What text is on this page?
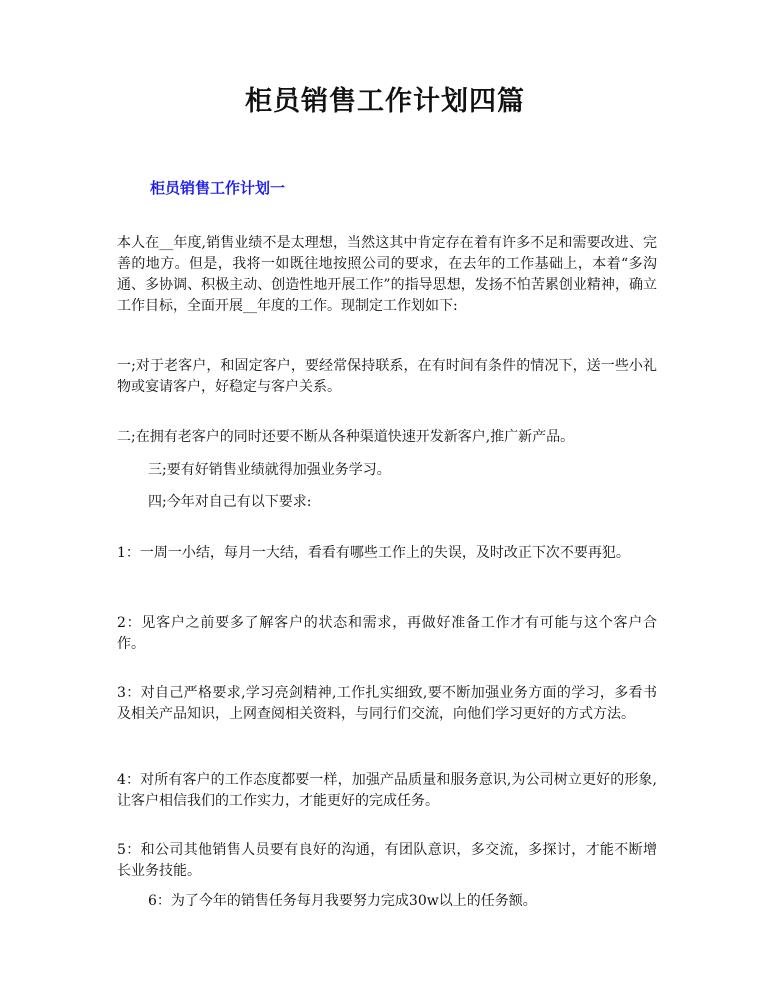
柜员销售工作计划四篇
柜员销售工作计划一

本人在__年度,销售业绩不是太理想，当然这其中肯定存在着有许多不足和需要改进、完善的地方。但是，我将一如既往地按照公司的要求，在去年的工作基础上，本着“多沟通、多协调、积极主动、创造性地开展工作”的指导思想，发扬不怕苦累创业精神，确立工作目标，全面开展__年度的工作。现制定工作划如下:

一;对于老客户，和固定客户，要经常保持联系，在有时间有条件的情况下，送一些小礼物或宴请客户，好稳定与客户关系。

二;在拥有老客户的同时还要不断从各种渠道快速开发新客户,推广新产品。

三;要有好销售业绩就得加强业务学习。

四;今年对自己有以下要求:

1：一周一小结，每月一大结，看看有哪些工作上的失误，及时改正下次不要再犯。

2：见客户之前要多了解客户的状态和需求，再做好准备工作才有可能与这个客户合作。

3：对自己严格要求,学习亮剑精神,工作扎实细致,要不断加强业务方面的学习，多看书及相关产品知识，上网查阅相关资料，与同行们交流，向他们学习更好的方式方法。

4：对所有客户的工作态度都要一样，加强产品质量和服务意识,为公司树立更好的形象,让客户相信我们的工作实力，才能更好的完成任务。

5：和公司其他销售人员要有良好的沟通，有团队意识，多交流，多探讨，才能不断增长业务技能。

6：为了今年的销售任务每月我要努力完成30w以上的任务额。
